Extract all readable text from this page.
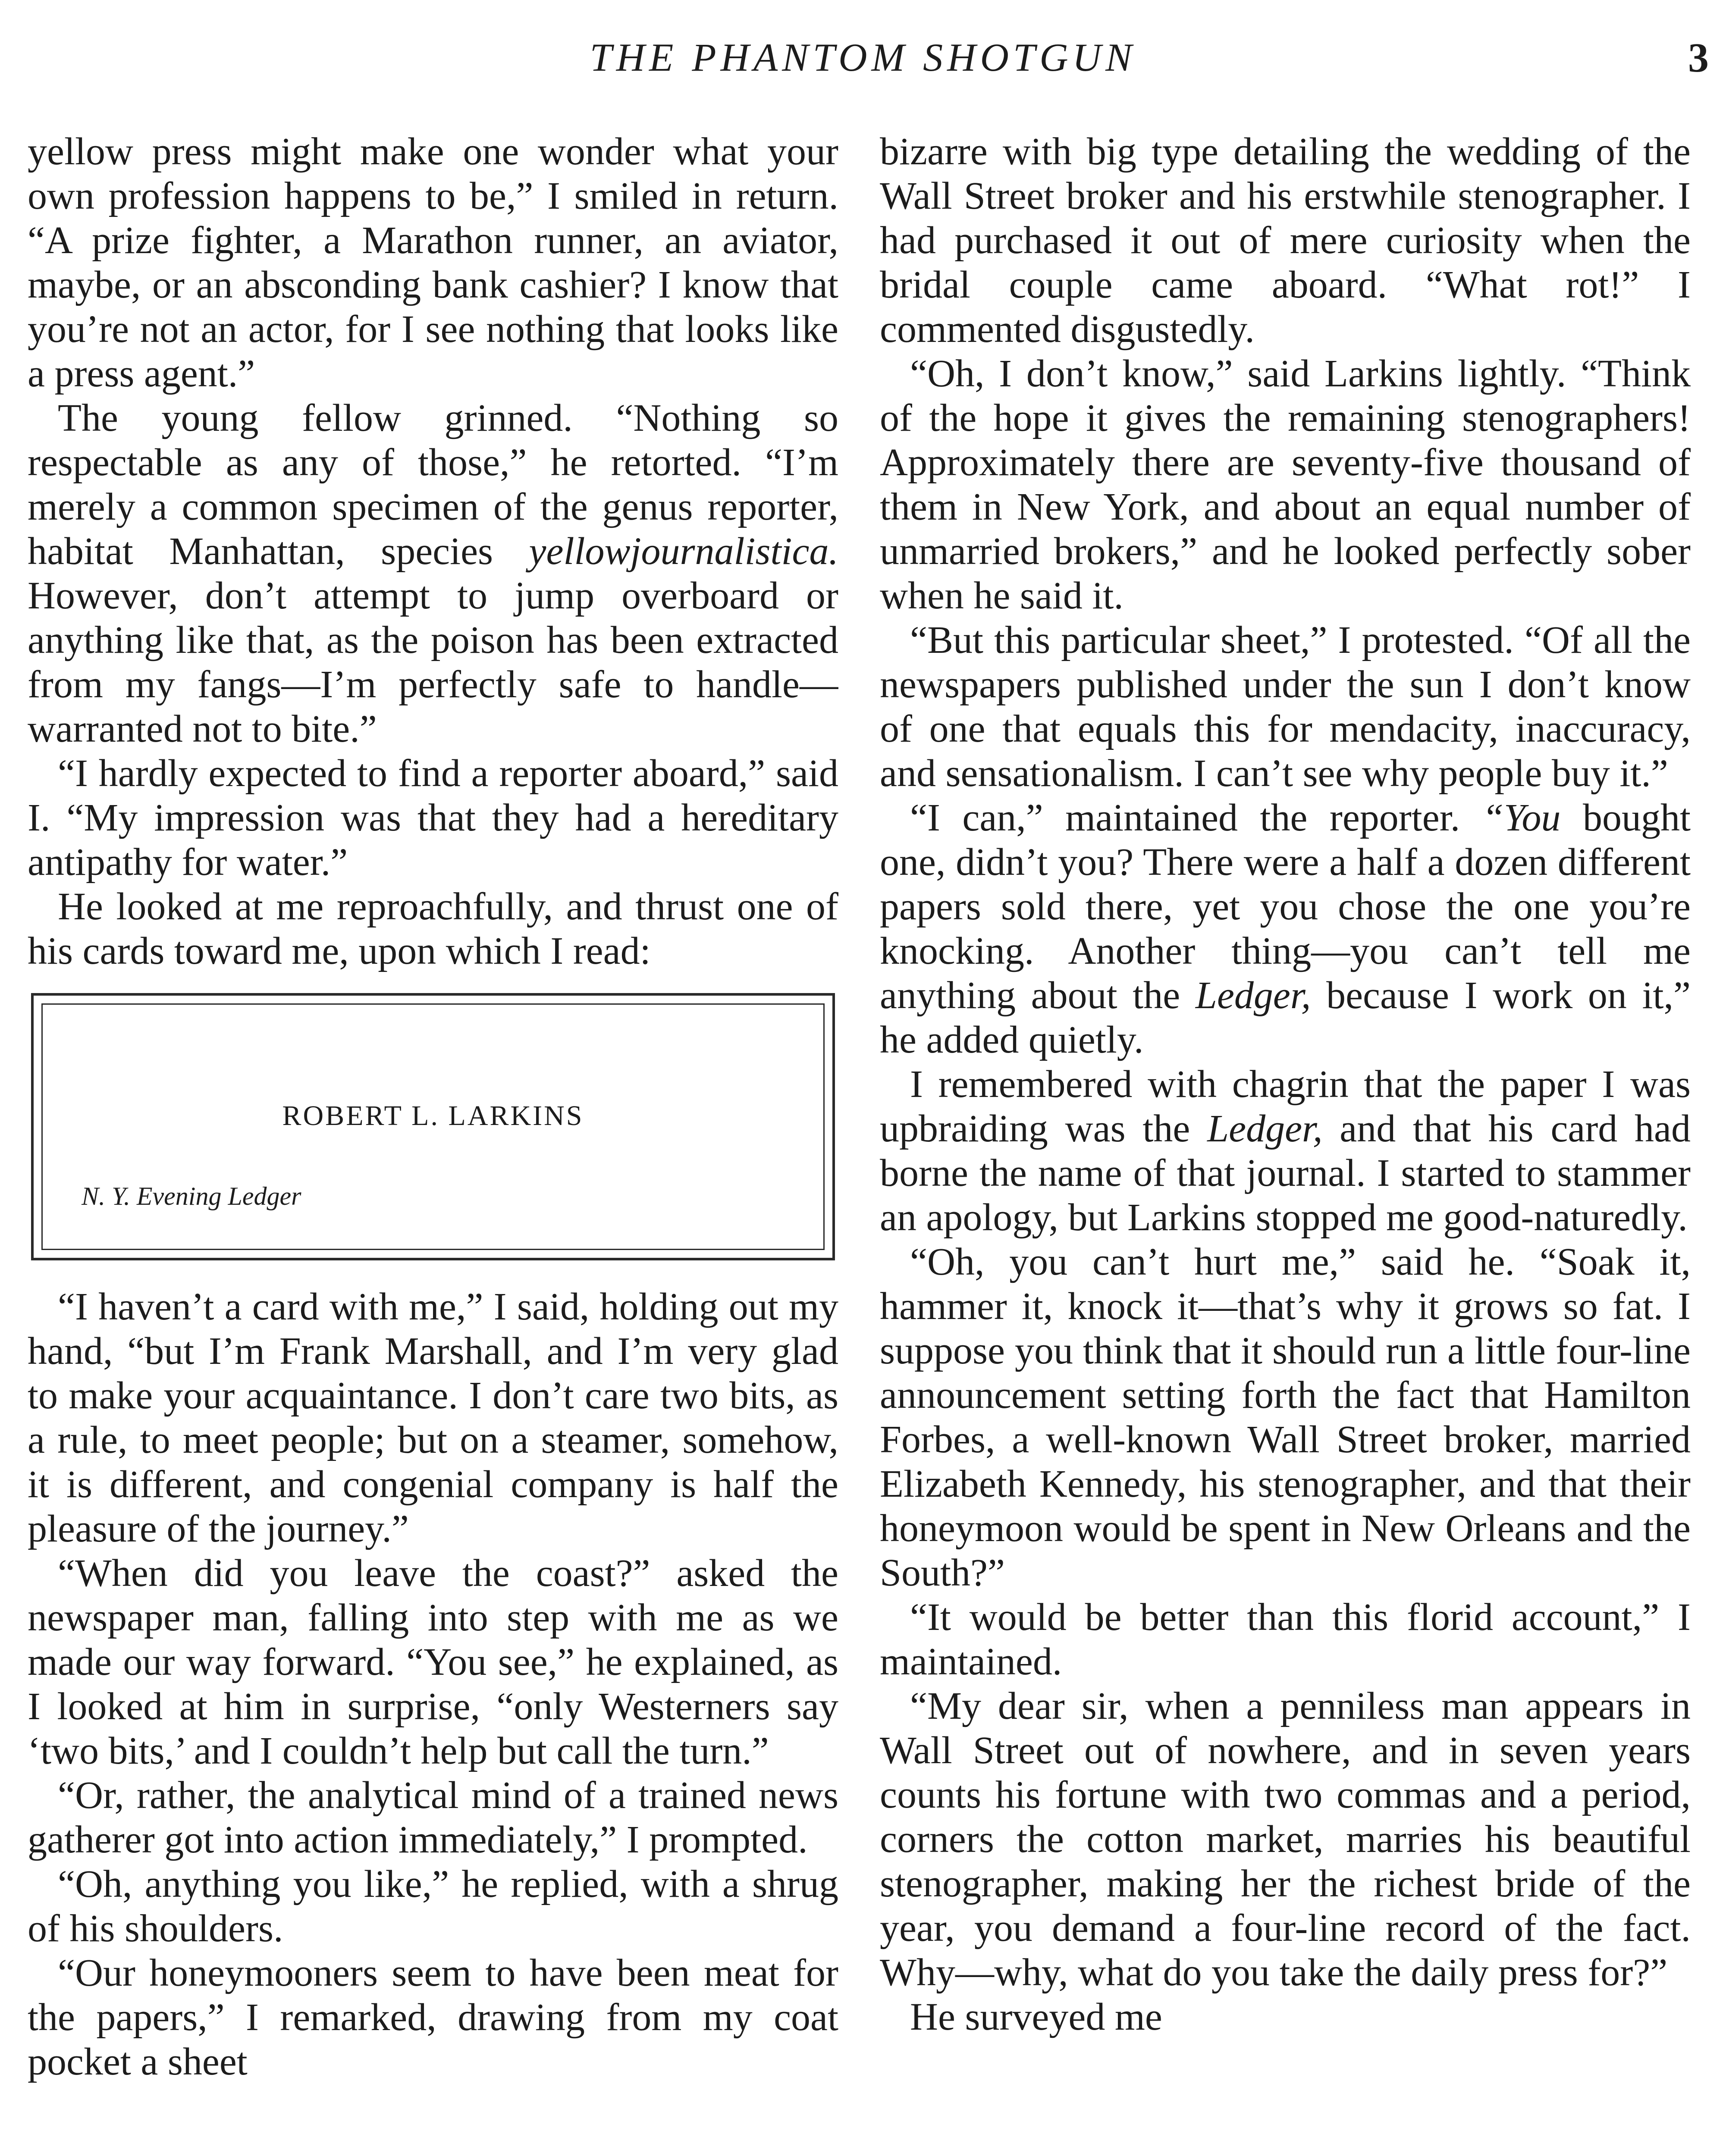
THE PHANTOM SHOTGUN	3

yellow press might make one wonder what your own profession happens to be,” I smiled in return. “A prize fighter, a Marathon runner, an aviator, maybe, or an absconding bank cashier? I know that you’re not an actor, for I see nothing that looks like a press agent.”

The young fellow grinned. “Nothing so respectable as any of those,” he retorted. “I’m merely a common specimen of the genus reporter, habitat Manhattan, species yellowjournalistica. However, don’t attempt to jump overboard or anything like that, as the poison has been extracted from my fangs—I’m perfectly safe to handle—warranted not to bite.”

“I hardly expected to find a reporter aboard,” said I. “My impression was that they had a hereditary antipathy for water.”

He looked at me reproachfully, and thrust one of his cards toward me, upon which I read:

ROBERT L. LARKINS
N. Y. Evening Ledger

“I haven’t a card with me,” I said, holding out my hand, “but I’m Frank Marshall, and I’m very glad to make your acquaintance. I don’t care two bits, as a rule, to meet people; but on a steamer, somehow, it is different, and congenial company is half the pleasure of the journey.”

“When did you leave the coast?” asked the newspaper man, falling into step with me as we made our way forward. “You see,” he explained, as I looked at him in surprise, “only Westerners say ‘two bits,’ and I couldn’t help but call the turn.”

“Or, rather, the analytical mind of a trained news gatherer got into action immediately,” I prompted.

“Oh, anything you like,” he replied, with a shrug of his shoulders.

“Our honeymooners seem to have been meat for the papers,” I remarked, drawing from my coat pocket a sheet

bizarre with big type detailing the wedding of the Wall Street broker and his erstwhile stenographer. I had purchased it out of mere curiosity when the bridal couple came aboard. “What rot!” I commented disgustedly.

“Oh, I don’t know,” said Larkins lightly. “Think of the hope it gives the remaining stenographers! Approximately there are seventy-five thousand of them in New York, and about an equal number of unmarried brokers,” and he looked perfectly sober when he said it.

“But this particular sheet,” I protested. “Of all the newspapers published under the sun I don’t know of one that equals this for mendacity, inaccuracy, and sensationalism. I can’t see why people buy it.”

“I can,” maintained the reporter. “You bought one, didn’t you? There were a half a dozen different papers sold there, yet you chose the one you’re knocking. Another thing—you can’t tell me anything about the Ledger, because I work on it,” he added quietly.

I remembered with chagrin that the paper I was upbraiding was the Ledger, and that his card had borne the name of that journal. I started to stammer an apology, but Larkins stopped me good-naturedly.

“Oh, you can’t hurt me,” said he. “Soak it, hammer it, knock it—that’s why it grows so fat. I suppose you think that it should run a little four-line announcement setting forth the fact that Hamilton Forbes, a well-known Wall Street broker, married Elizabeth Kennedy, his stenographer, and that their honeymoon would be spent in New Orleans and the South?”

“It would be better than this florid account,” I maintained.

“My dear sir, when a penniless man appears in Wall Street out of nowhere, and in seven years counts his fortune with two commas and a period, corners the cotton market, marries his beautiful stenographer, making her the richest bride of the year, you demand a four-line record of the fact. Why—why, what do you take the daily press for?”

He surveyed me
